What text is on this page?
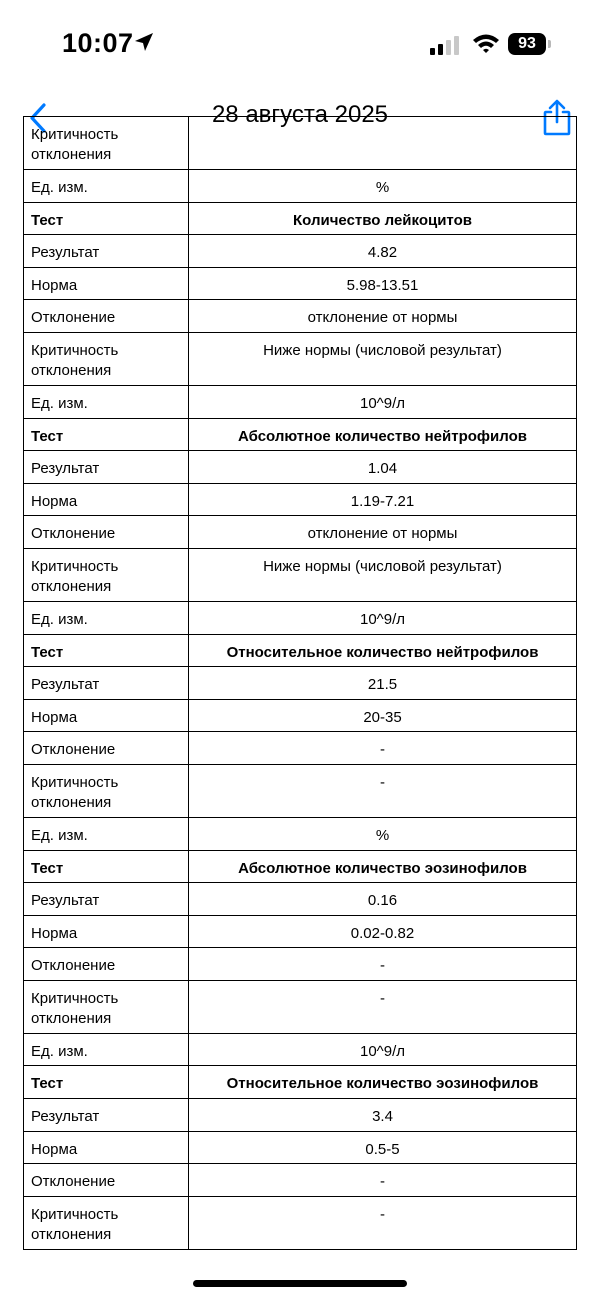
10:07	93
28 августа 2025
Критичность отклонения	
Ед. изм.	%
Тест	Количество лейкоцитов
Результат	4.82
Норма	5.98-13.51
Отклонение	отклонение от нормы
Критичность отклонения	Ниже нормы (числовой результат)
Ед. изм.	10^9/л
Тест	Абсолютное количество нейтрофилов
Результат	1.04
Норма	1.19-7.21
Отклонение	отклонение от нормы
Критичность отклонения	Ниже нормы (числовой результат)
Ед. изм.	10^9/л
Тест	Относительное количество нейтрофилов
Результат	21.5
Норма	20-35
Отклонение	-
Критичность отклонения	-
Ед. изм.	%
Тест	Абсолютное количество эозинофилов
Результат	0.16
Норма	0.02-0.82
Отклонение	-
Критичность отклонения	-
Ед. изм.	10^9/л
Тест	Относительное количество эозинофилов
Результат	3.4
Норма	0.5-5
Отклонение	-
Критичность отклонения	-
